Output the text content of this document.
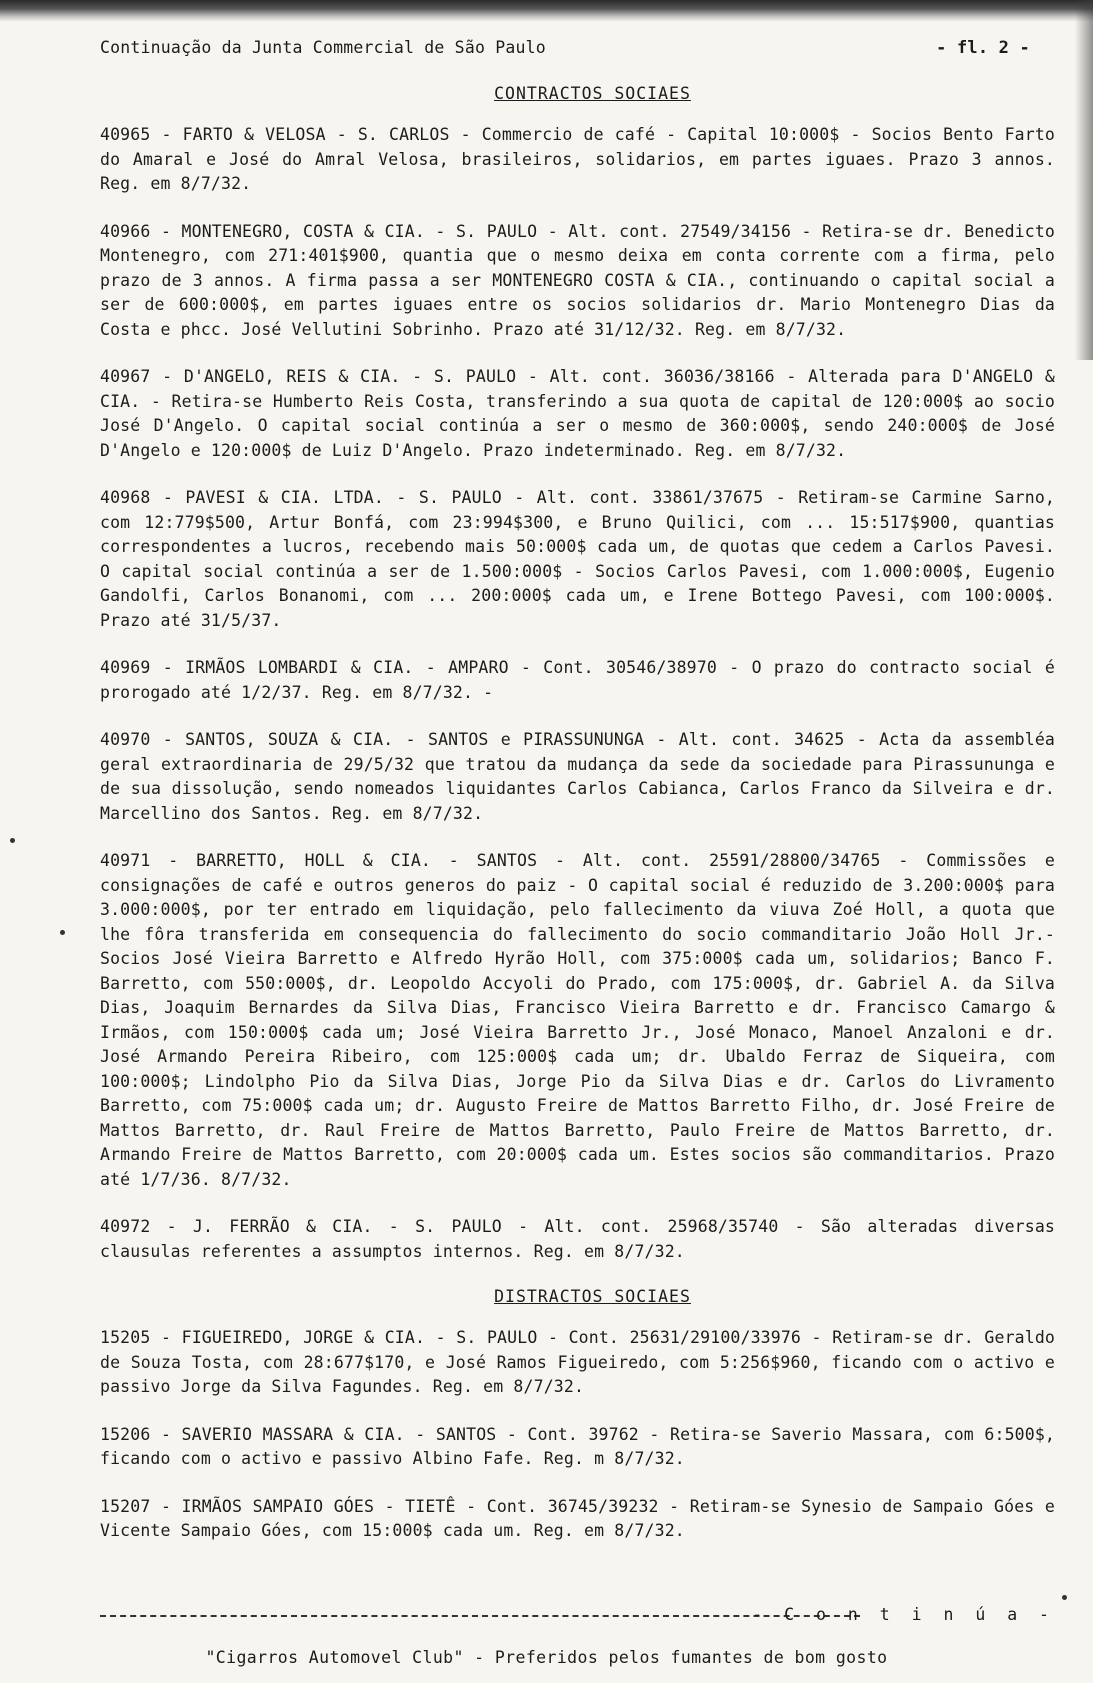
Continuação da Junta Commercial de São Paulo	- fl. 2 -
CONTRACTOS SOCIAES

40965 - FARTO & VELOSA - S. CARLOS - Commercio de café - Capital 10:000$ - Socios Bento Farto do Amaral e José do Amral Velosa, brasileiros, solidarios, em partes iguaes. Prazo 3 annos. Reg. em 8/7/32.

40966 - MONTENEGRO, COSTA & CIA. - S. PAULO - Alt. cont. 27549/34156 - Retira-se dr. Benedicto Montenegro, com 271:401$900, quantia que o mesmo deixa em conta corrente com a firma, pelo prazo de 3 annos. A firma passa a ser MONTENEGRO COSTA & CIA., continuando o capital social a ser de 600:000$, em partes iguaes entre os socios solidarios dr. Mario Montenegro Dias da Costa e phcc. José Vellutini Sobrinho. Prazo até 31/12/32. Reg. em 8/7/32.

40967 - D'ANGELO, REIS & CIA. - S. PAULO - Alt. cont. 36036/38166 - Alterada para D'ANGELO & CIA. - Retira-se Humberto Reis Costa, transferindo a sua quota de capital de 120:000$ ao socio José D'Angelo. O capital social continúa a ser o mesmo de 360:000$, sendo 240:000$ de José D'Angelo e 120:000$ de Luiz D'Angelo. Prazo indeterminado. Reg. em 8/7/32.

40968 - PAVESI & CIA. LTDA. - S. PAULO - Alt. cont. 33861/37675 - Retiram-se Carmine Sarno, com 12:779$500, Artur Bonfá, com 23:994$300, e Bruno Quilici, com ... 15:517$900, quantias correspondentes a lucros, recebendo mais 50:000$ cada um, de quotas que cedem a Carlos Pavesi. O capital social continúa a ser de 1.500:000$ - Socios Carlos Pavesi, com 1.000:000$, Eugenio Gandolfi, Carlos Bonanomi, com ... 200:000$ cada um, e Irene Bottego Pavesi, com 100:000$. Prazo até 31/5/37.

40969 - IRMÃOS LOMBARDI & CIA. - AMPARO - Cont. 30546/38970 - O prazo do contracto social é prorogado até 1/2/37. Reg. em 8/7/32. -

40970 - SANTOS, SOUZA & CIA. - SANTOS e PIRASSUNUNGA - Alt. cont. 34625 - Acta da assembléa geral extraordinaria de 29/5/32 que tratou da mudança da sede da sociedade para Pirassununga e de sua dissolução, sendo nomeados liquidantes Carlos Cabianca, Carlos Franco da Silveira e dr. Marcellino dos Santos. Reg. em 8/7/32.

40971 - BARRETTO, HOLL & CIA. - SANTOS - Alt. cont. 25591/28800/34765 - Commissões e consignações de café e outros generos do paiz - O capital social é reduzido de 3.200:000$ para 3.000:000$, por ter entrado em liquidação, pelo fallecimento da viuva Zoé Holl, a quota que lhe fôra transferida em consequencia do fallecimento do socio commanditario João Holl Jr.- Socios José Vieira Barretto e Alfredo Hyrão Holl, com 375:000$ cada um, solidarios; Banco F. Barretto, com 550:000$, dr. Leopoldo Accyoli do Prado, com 175:000$, dr. Gabriel A. da Silva Dias, Joaquim Bernardes da Silva Dias, Francisco Vieira Barretto e dr. Francisco Camargo & Irmãos, com 150:000$ cada um; José Vieira Barretto Jr., José Monaco, Manoel Anzaloni e dr. José Armando Pereira Ribeiro, com 125:000$ cada um; dr. Ubaldo Ferraz de Siqueira, com 100:000$; Lindolpho Pio da Silva Dias, Jorge Pio da Silva Dias e dr. Carlos do Livramento Barretto, com 75:000$ cada um; dr. Augusto Freire de Mattos Barretto Filho, dr. José Freire de Mattos Barretto, dr. Raul Freire de Mattos Barretto, Paulo Freire de Mattos Barretto, dr. Armando Freire de Mattos Barretto, com 20:000$ cada um. Estes socios são commanditarios. Prazo até 1/7/36. 8/7/32.

40972 - J. FERRÃO & CIA. - S. PAULO - Alt. cont. 25968/35740 - São alteradas diversas clausulas referentes a assumptos internos. Reg. em 8/7/32.

DISTRACTOS SOCIAES

15205 - FIGUEIREDO, JORGE & CIA. - S. PAULO - Cont. 25631/29100/33976 - Retiram-se dr. Geraldo de Souza Tosta, com 28:677$170, e José Ramos Figueiredo, com 5:256$960, ficando com o activo e passivo Jorge da Silva Fagundes. Reg. em 8/7/32.

15206 - SAVERIO MASSARA & CIA. - SANTOS - Cont. 39762 - Retira-se Saverio Massara, com 6:500$, ficando com o activo e passivo Albino Fafe. Reg. m 8/7/32.

15207 - IRMÃOS SAMPAIO GÓES - TIETÊ - Cont. 36745/39232 - Retiram-se Synesio de Sampaio Góes e Vicente Sampaio Góes, com 15:000$ cada um. Reg. em 8/7/32.

- C o n t i n ú a -
"Cigarros Automovel Club" - Preferidos pelos fumantes de bom gosto
